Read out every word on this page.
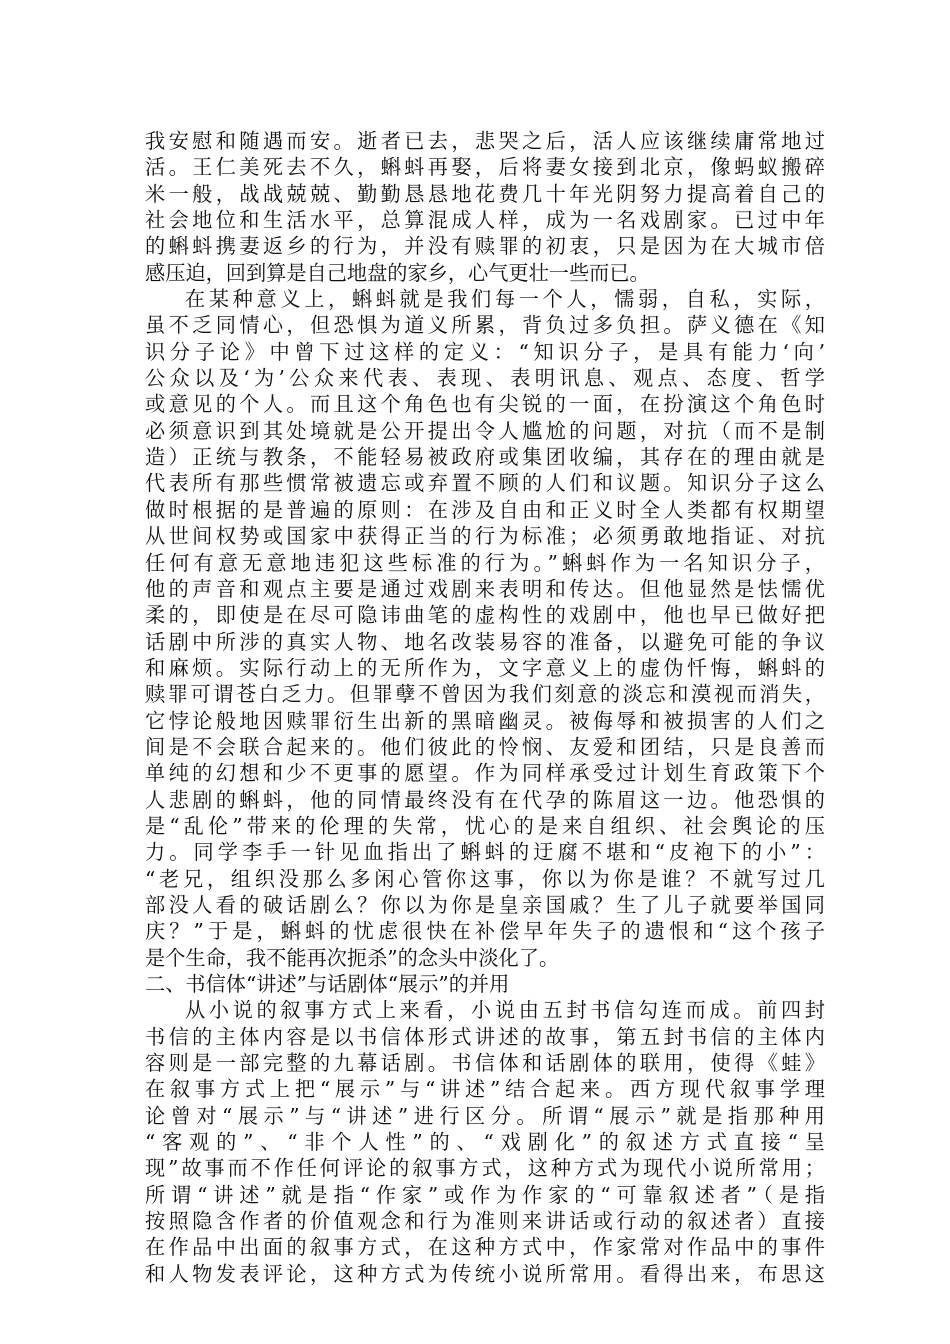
我安慰和随遇而安。逝者已去，悲哭之后，活人应该继续庸常地过
活。王仁美死去不久，蝌蚪再娶，后将妻女接到北京，像蚂蚁搬碎
米一般，战战兢兢、勤勤恳恳地花费几十年光阴努力提高着自己的
社会地位和生活水平，总算混成人样，成为一名戏剧家。已过中年
的蝌蚪携妻返乡的行为，并没有赎罪的初衷，只是因为在大城市倍
感压迫，回到算是自己地盘的家乡，心气更壮一些而已。
在某种意义上，蝌蚪就是我们每一个人，懦弱，自私，实际，
虽不乏同情心，但恐惧为道义所累，背负过多负担。萨义德在《知
识分子论》中曾下过这样的定义：“知识分子，是具有能力‘向’
公众以及‘为’公众来代表、表现、表明讯息、观点、态度、哲学
或意见的个人。而且这个角色也有尖锐的一面，在扮演这个角色时
必须意识到其处境就是公开提出令人尴尬的问题，对抗（而不是制
造）正统与教条，不能轻易被政府或集团收编，其存在的理由就是
代表所有那些惯常被遗忘或弃置不顾的人们和议题。知识分子这么
做时根据的是普遍的原则：在涉及自由和正义时全人类都有权期望
从世间权势或国家中获得正当的行为标准；必须勇敢地指证、对抗
任何有意无意地违犯这些标准的行为。”蝌蚪作为一名知识分子，
他的声音和观点主要是通过戏剧来表明和传达。但他显然是怯懦优
柔的，即使是在尽可隐讳曲笔的虚构性的戏剧中，他也早已做好把
话剧中所涉的真实人物、地名改装易容的准备，以避免可能的争议
和麻烦。实际行动上的无所作为，文字意义上的虚伪忏悔，蝌蚪的
赎罪可谓苍白乏力。但罪孽不曾因为我们刻意的淡忘和漠视而消失，
它悖论般地因赎罪衍生出新的黑暗幽灵。被侮辱和被损害的人们之
间是不会联合起来的。他们彼此的怜悯、友爱和团结，只是良善而
单纯的幻想和少不更事的愿望。作为同样承受过计划生育政策下个
人悲剧的蝌蚪，他的同情最终没有在代孕的陈眉这一边。他恐惧的
是“乱伦”带来的伦理的失常，忧心的是来自组织、社会舆论的压
力。同学李手一针见血指出了蝌蚪的迂腐不堪和“皮袍下的小”：
“老兄，组织没那么多闲心管你这事，你以为你是谁？不就写过几
部没人看的破话剧么？你以为你是皇亲国戚？生了儿子就要举国同
庆？”于是，蝌蚪的忧虑很快在补偿早年失子的遗恨和“这个孩子
是个生命，我不能再次扼杀”的念头中淡化了。
二、书信体“讲述”与话剧体“展示”的并用
从小说的叙事方式上来看，小说由五封书信勾连而成。前四封
书信的主体内容是以书信体形式讲述的故事，第五封书信的主体内
容则是一部完整的九幕话剧。书信体和话剧体的联用，使得《蛙》
在叙事方式上把“展示”与“讲述”结合起来。西方现代叙事学理
论曾对“展示”与“讲述”进行区分。所谓“展示”就是指那种用
“客观的”、“非个人性”的、“戏剧化”的叙述方式直接“呈
现”故事而不作任何评论的叙事方式，这种方式为现代小说所常用；
所谓“讲述”就是指“作家”或作为作家的“可靠叙述者”（是指
按照隐含作者的价值观念和行为准则来讲话或行动的叙述者）直接
在作品中出面的叙事方式，在这种方式中，作家常对作品中的事件
和人物发表评论，这种方式为传统小说所常用。看得出来，布思这
